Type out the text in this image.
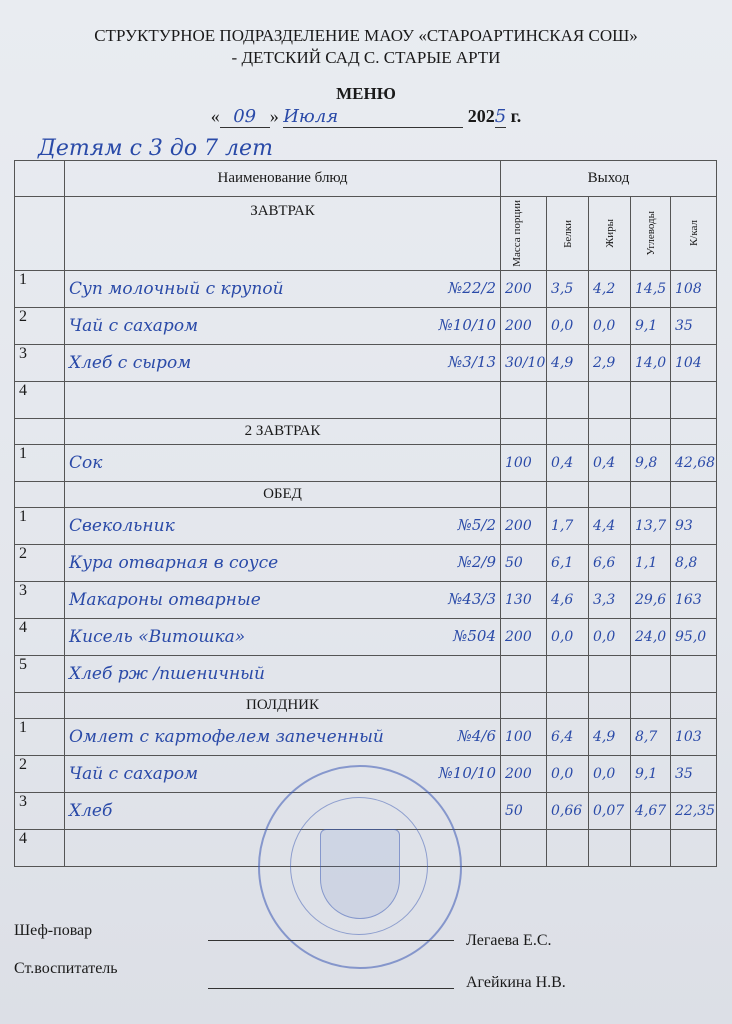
СТРУКТУРНОЕ ПОДРАЗДЕЛЕНИЕ МАОУ «СТАРОАРТИНСКАЯ СОШ»
- ДЕТСКИЙ САД С. СТАРЫЕ АРТИ
МЕНЮ
« 09 » Июля	2025 г.
Детям с 3 до 7 лет
	Наименование блюд	Выход				
	ЗАВТРАК	Масса порции	Белки	Жиры	Углеводы	К/кал

1	Суп молочный с крупой №22/2	200	3,5	4,2	14,5	108
2	Чай с сахаром №10/10	200	0,0	0,0	9,1	35
3	Хлеб с сыром №3/13	30/10	4,9	2,9	14,0	104
4	

	2 ЗАВТРАК					
1	Сок	100	0,4	0,4	9,8	42,68
	ОБЕД					
1	Свекольник №5/2	200	1,7	4,4	13,7	93
2	Кура отварная в соусе №2/9	50	6,1	6,6	1,1	8,8
3	Макароны отварные №43/3	130	4,6	3,3	29,6	163
4	Кисель «Витошка» №504	200	0,0	0,0	24,0	95,0
5	Хлеб рж /пшеничный

	ПОЛДНИК					
1	Омлет с картофелем запеченный №4/6	100	6,4	4,9	8,7	103
2	Чай с сахаром №10/10	200	0,0	0,0	9,1	35
3	Хлеб	50	0,66	0,07	4,67	22,35
4	

Шеф-повар
Легаева Е.С.
Ст.воспитатель
Агейкина Н.В.
